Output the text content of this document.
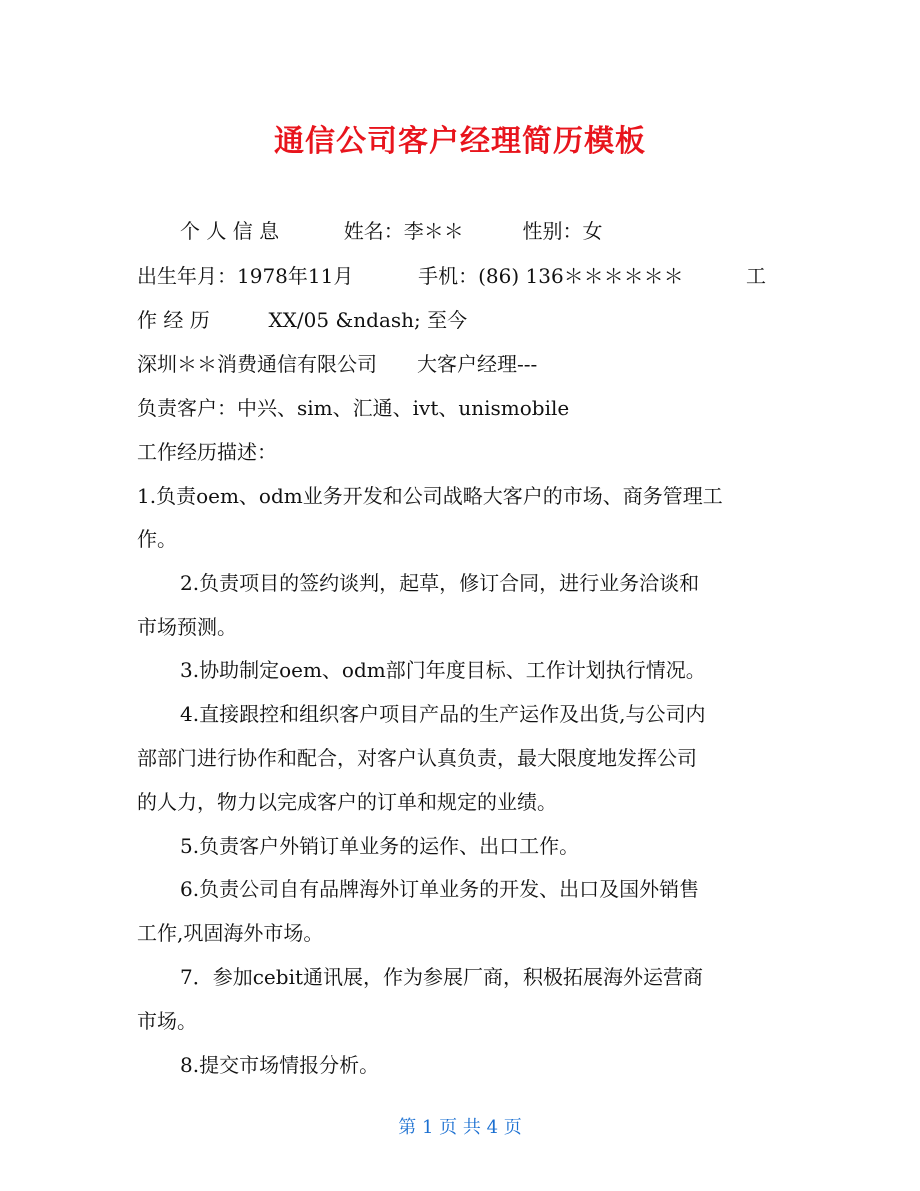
通信公司客户经理简历模板
个 人 信 息	姓名：李＊＊	性别：女
出生年月：1978年11月	手机：(86) 136＊＊＊＊＊＊	工
作 经 历	XX/05 &ndash; 至今
深圳＊＊消费通信有限公司　　大客户经理---
负责客户：中兴、sim、汇通、ivt、unismobile
工作经历描述：
1.负责oem、odm业务开发和公司战略大客户的市场、商务管理工
作。
2.负责项目的签约谈判，起草，修订合同，进行业务洽谈和
市场预测。
3.协助制定oem、odm部门年度目标、工作计划执行情况。
4.直接跟控和组织客户项目产品的生产运作及出货,与公司内
部部门进行协作和配合，对客户认真负责，最大限度地发挥公司
的人力，物力以完成客户的订单和规定的业绩。
5.负责客户外销订单业务的运作、出口工作。
6.负责公司自有品牌海外订单业务的开发、出口及国外销售
工作,巩固海外市场。
7．参加cebit通讯展，作为参展厂商，积极拓展海外运营商
市场。
8.提交市场情报分析。
第 1 页 共 4 页
